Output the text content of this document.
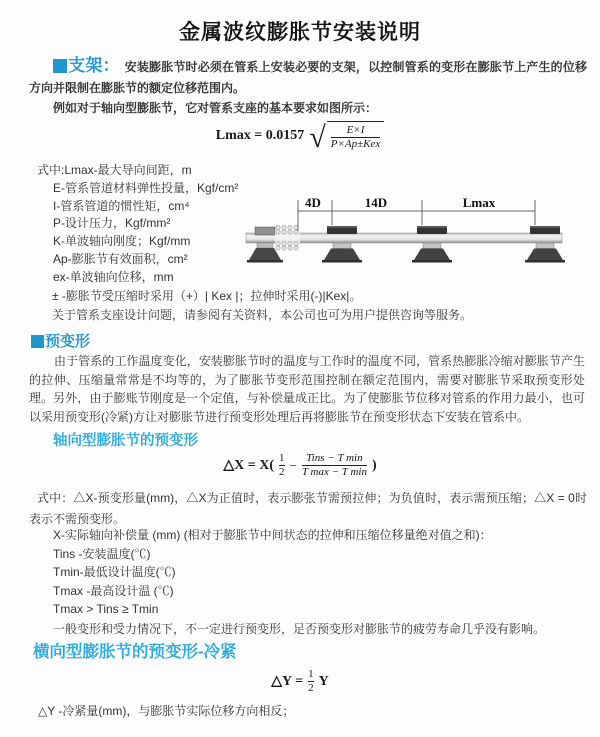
金属波纹膨胀节安装说明
支架： 安装膨胀节时必须在管系上安装必要的支架，以控制管系的变形在膨胀节上产生的位移方向并限制在膨胀节的额定位移范围内。
例如对于轴向型膨胀节，它对管系支座的基本要求如图所示：
Lmax = 0.0157 √ $\frac{E\times I}{\text{P×Ap±Kex}}$
式中:Lmax-最大导向间距，m
E-管系管道材料弹性投量，Kgf/cm²
I-管系管道的惯性矩，cm⁴
P-设计压力，Kgf/mm²
K-单波轴向刚度；Kgf/mm
Ap-膨胀节有效面积，cm²
ex-单波轴向位移，mm
4D	14D	Lmax
± -膨胀节受压缩时采用（+）| Kex |；拉伸时采用(-)|Kex|。
关于管系支座设计问题，请参阅有关资料，本公司也可为用户提供咨询等服务。
预变形
由于管系的工作温度变化，安装膨胀节时的温度与工作时的温度不同，管系热膨胀冷缩对膨胀节产生的拉伸、压缩量常常是不均等的，为了膨胀节变形范围控制在额定范围内，需要对膨胀节采取预变形处理。另外，由于膨账节刚度是一个定值，与补偿量成正比。为了使膨胀节位移对管系的作用力最小，也可以采用预变形(冷紧)方让对膨胀节进行预变形处理后再将膨胀节在预变形状态下安装在管系中。
轴向型膨胀节的预变形
△X = $X( \frac{1}{2} - \frac{\text{Tins − T min}}{\text{T max − T min}}$ )
式中：△X-预变形量(mm)，△X为正值时，表示膨张节需预拉伸；为负值时，表示需预压缩；△X = 0时表示不需预变形。
X-实际轴向补偿量 (mm) (相对于膨胀节中间状态的拉伸和压缩位移量绝对值之和)：
Tins -安装温度(℃)
Tmin-最低设计温度(℃)
Tmax -最高设计温 (℃)
Tmax > Tins ≥ Tmin
一般变形和受力情况下，不一定进行预变形，足否预变形对膨胀节的疲劳寿命几乎没有影响。
横向型膨胀节的预变形-冷紧
△Y = $\frac{1}{2}$ Y
△Y -冷紧量(mm)，与膨胀节实际位移方向相反；
